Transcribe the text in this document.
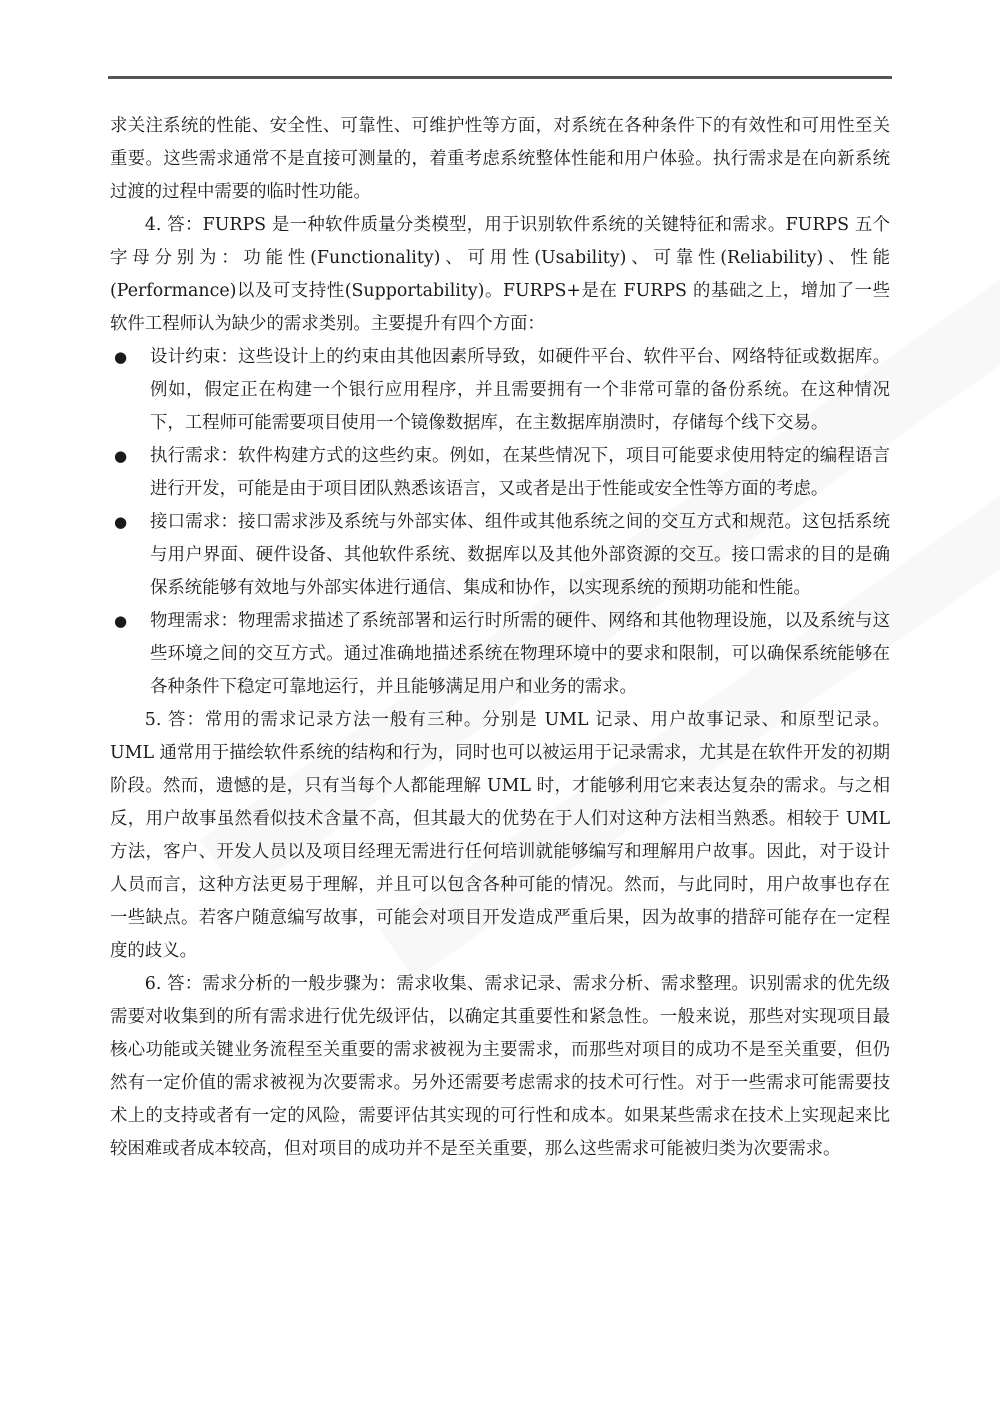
求关注系统的性能、安全性、可靠性、可维护性等方面，对系统在各种条件下的有效性和可用性至关重要。这些需求通常不是直接可测量的，着重考虑系统整体性能和用户体验。执行需求是在向新系统过渡的过程中需要的临时性功能。

4. 答：FURPS 是一种软件质量分类模型，用于识别软件系统的关键特征和需求。FURPS 五个字母分别为：功能性(Functionality)、可用性(Usability)、可靠性(Reliability)、性能(Performance)以及可支持性(Supportability)。FURPS+是在 FURPS 的基础之上，增加了一些软件工程师认为缺少的需求类别。主要提升有四个方面：

●	设计约束：这些设计上的约束由其他因素所导致，如硬件平台、软件平台、网络特征或数据库。例如，假定正在构建一个银行应用程序，并且需要拥有一个非常可靠的备份系统。在这种情况下，工程师可能需要项目使用一个镜像数据库，在主数据库崩溃时，存储每个线下交易。
●	执行需求：软件构建方式的这些约束。例如，在某些情况下，项目可能要求使用特定的编程语言进行开发，可能是由于项目团队熟悉该语言，又或者是出于性能或安全性等方面的考虑。
●	接口需求：接口需求涉及系统与外部实体、组件或其他系统之间的交互方式和规范。这包括系统与用户界面、硬件设备、其他软件系统、数据库以及其他外部资源的交互。接口需求的目的是确保系统能够有效地与外部实体进行通信、集成和协作，以实现系统的预期功能和性能。
●	物理需求：物理需求描述了系统部署和运行时所需的硬件、网络和其他物理设施，以及系统与这些环境之间的交互方式。通过准确地描述系统在物理环境中的要求和限制，可以确保系统能够在各种条件下稳定可靠地运行，并且能够满足用户和业务的需求。

5. 答：常用的需求记录方法一般有三种。分别是 UML 记录、用户故事记录、和原型记录。UML 通常用于描绘软件系统的结构和行为，同时也可以被运用于记录需求，尤其是在软件开发的初期阶段。然而，遗憾的是，只有当每个人都能理解 UML 时，才能够利用它来表达复杂的需求。与之相反，用户故事虽然看似技术含量不高，但其最大的优势在于人们对这种方法相当熟悉。相较于 UML 方法，客户、开发人员以及项目经理无需进行任何培训就能够编写和理解用户故事。因此，对于设计人员而言，这种方法更易于理解，并且可以包含各种可能的情况。然而，与此同时，用户故事也存在一些缺点。若客户随意编写故事，可能会对项目开发造成严重后果，因为故事的措辞可能存在一定程度的歧义。

6. 答：需求分析的一般步骤为：需求收集、需求记录、需求分析、需求整理。识别需求的优先级需要对收集到的所有需求进行优先级评估，以确定其重要性和紧急性。一般来说，那些对实现项目最核心功能或关键业务流程至关重要的需求被视为主要需求，而那些对项目的成功不是至关重要，但仍然有一定价值的需求被视为次要需求。另外还需要考虑需求的技术可行性。对于一些需求可能需要技术上的支持或者有一定的风险，需要评估其实现的可行性和成本。如果某些需求在技术上实现起来比较困难或者成本较高，但对项目的成功并不是至关重要，那么这些需求可能被归类为次要需求。
